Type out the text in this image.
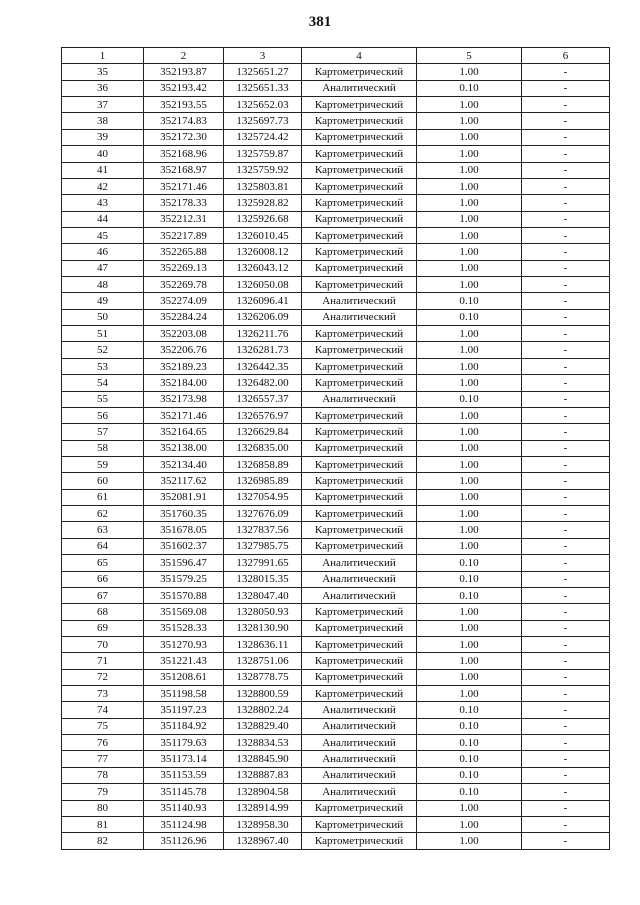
381
1	2	3	4	5	6
35	352193.87	1325651.27	Картометрический	1.00	-
36	352193.42	1325651.33	Аналитический	0.10	-
37	352193.55	1325652.03	Картометрический	1.00	-
38	352174.83	1325697.73	Картометрический	1.00	-
39	352172.30	1325724.42	Картометрический	1.00	-
40	352168.96	1325759.87	Картометрический	1.00	-
41	352168.97	1325759.92	Картометрический	1.00	-
42	352171.46	1325803.81	Картометрический	1.00	-
43	352178.33	1325928.82	Картометрический	1.00	-
44	352212.31	1325926.68	Картометрический	1.00	-
45	352217.89	1326010.45	Картометрический	1.00	-
46	352265.88	1326008.12	Картометрический	1.00	-
47	352269.13	1326043.12	Картометрический	1.00	-
48	352269.78	1326050.08	Картометрический	1.00	-
49	352274.09	1326096.41	Аналитический	0.10	-
50	352284.24	1326206.09	Аналитический	0.10	-
51	352203.08	1326211.76	Картометрический	1.00	-
52	352206.76	1326281.73	Картометрический	1.00	-
53	352189.23	1326442.35	Картометрический	1.00	-
54	352184.00	1326482.00	Картометрический	1.00	-
55	352173.98	1326557.37	Аналитический	0.10	-
56	352171.46	1326576.97	Картометрический	1.00	-
57	352164.65	1326629.84	Картометрический	1.00	-
58	352138.00	1326835.00	Картометрический	1.00	-
59	352134.40	1326858.89	Картометрический	1.00	-
60	352117.62	1326985.89	Картометрический	1.00	-
61	352081.91	1327054.95	Картометрический	1.00	-
62	351760.35	1327676.09	Картометрический	1.00	-
63	351678.05	1327837.56	Картометрический	1.00	-
64	351602.37	1327985.75	Картометрический	1.00	-
65	351596.47	1327991.65	Аналитический	0.10	-
66	351579.25	1328015.35	Аналитический	0.10	-
67	351570.88	1328047.40	Аналитический	0.10	-
68	351569.08	1328050.93	Картометрический	1.00	-
69	351528.33	1328130.90	Картометрический	1.00	-
70	351270.93	1328636.11	Картометрический	1.00	-
71	351221.43	1328751.06	Картометрический	1.00	-
72	351208.61	1328778.75	Картометрический	1.00	-
73	351198.58	1328800.59	Картометрический	1.00	-
74	351197.23	1328802.24	Аналитический	0.10	-
75	351184.92	1328829.40	Аналитический	0.10	-
76	351179.63	1328834.53	Аналитический	0.10	-
77	351173.14	1328845.90	Аналитический	0.10	-
78	351153.59	1328887.83	Аналитический	0.10	-
79	351145.78	1328904.58	Аналитический	0.10	-
80	351140.93	1328914.99	Картометрический	1.00	-
81	351124.98	1328958.30	Картометрический	1.00	-
82	351126.96	1328967.40	Картометрический	1.00	-
